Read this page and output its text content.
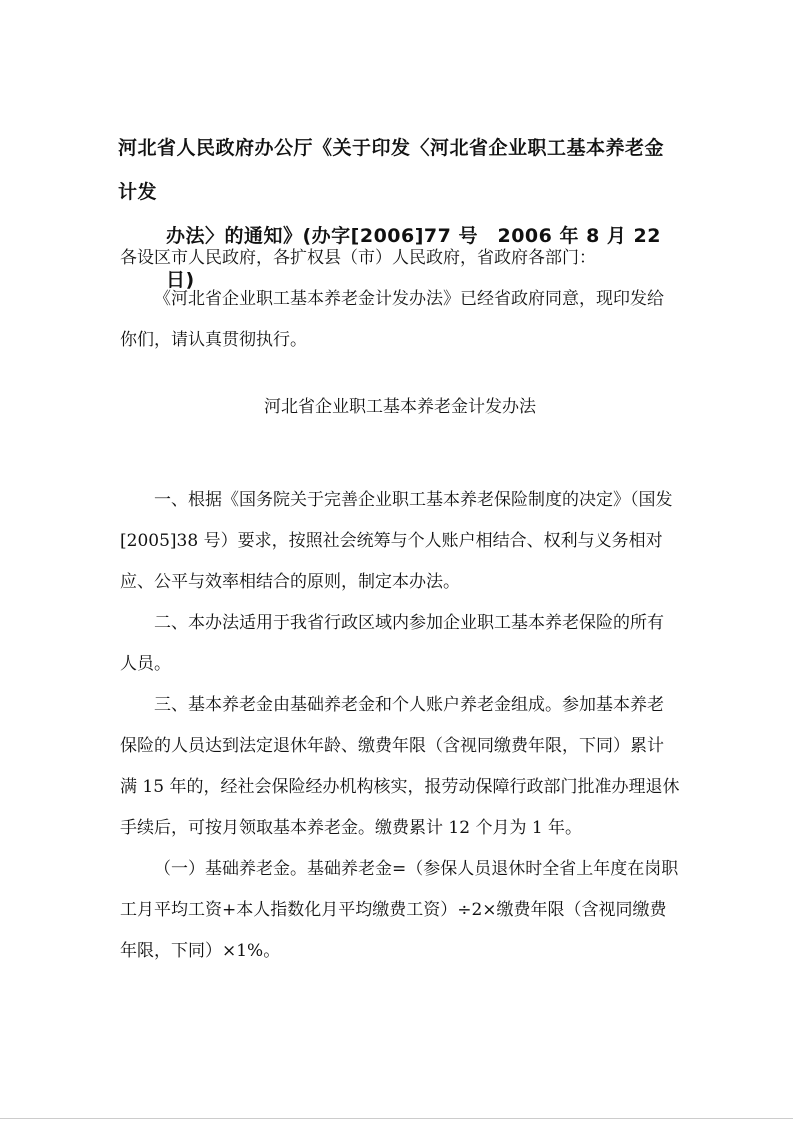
河北省人民政府办公厅《关于印发〈河北省企业职工基本养老金计发
办法〉的通知》(办字[2006]77 号　2006 年 8 月 22 日)

各设区市人民政府，各扩权县（市）人民政府，省政府各部门：

《河北省企业职工基本养老金计发办法》已经省政府同意，现印发给你们，请认真贯彻执行。

河北省企业职工基本养老金计发办法

一、根据《国务院关于完善企业职工基本养老保险制度的决定》（国发[2005]38 号）要求，按照社会统筹与个人账户相结合、权利与义务相对应、公平与效率相结合的原则，制定本办法。

二、本办法适用于我省行政区域内参加企业职工基本养老保险的所有人员。

三、基本养老金由基础养老金和个人账户养老金组成。参加基本养老保险的人员达到法定退休年龄、缴费年限（含视同缴费年限，下同）累计满 15 年的，经社会保险经办机构核实，报劳动保障行政部门批准办理退休手续后，可按月领取基本养老金。缴费累计 12 个月为 1 年。

（一）基础养老金。基础养老金=（参保人员退休时全省上年度在岗职工月平均工资+本人指数化月平均缴费工资）÷2×缴费年限（含视同缴费年限，下同）×1%。
